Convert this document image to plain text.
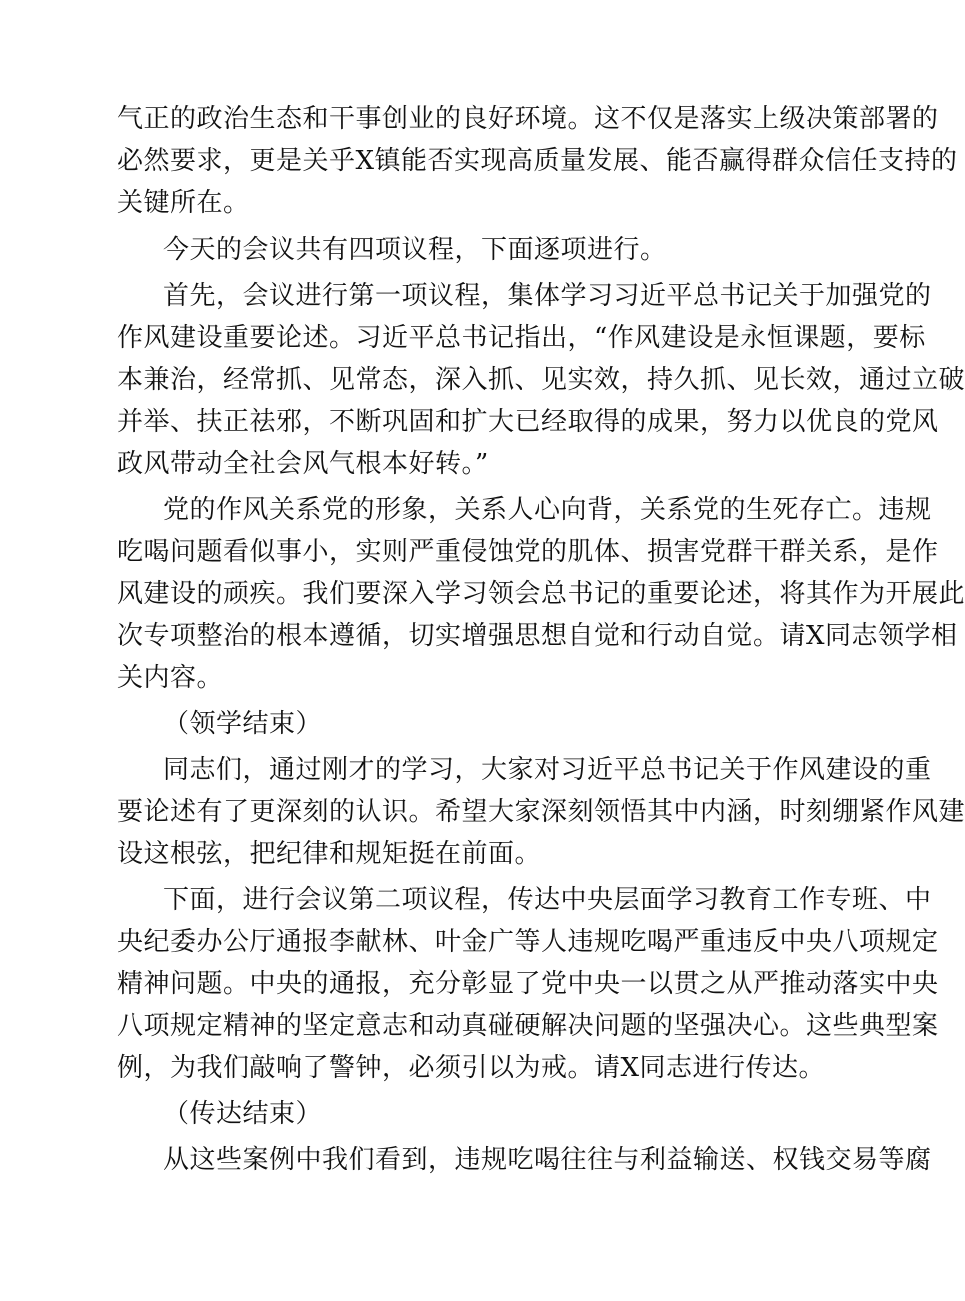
气正的政治生态和干事创业的良好环境。这不仅是落实上级决策部署的
必然要求，更是关乎X镇能否实现高质量发展、能否赢得群众信任支持的
关键所在。
今天的会议共有四项议程，下面逐项进行。
首先，会议进行第一项议程，集体学习习近平总书记关于加强党的
作风建设重要论述。习近平总书记指出，“作风建设是永恒课题，要标
本兼治，经常抓、见常态，深入抓、见实效，持久抓、见长效，通过立破
并举、扶正祛邪，不断巩固和扩大已经取得的成果，努力以优良的党风
政风带动全社会风气根本好转。”
党的作风关系党的形象，关系人心向背，关系党的生死存亡。违规
吃喝问题看似事小，实则严重侵蚀党的肌体、损害党群干群关系，是作
风建设的顽疾。我们要深入学习领会总书记的重要论述，将其作为开展此
次专项整治的根本遵循，切实增强思想自觉和行动自觉。请X同志领学相
关内容。
（领学结束）
同志们，通过刚才的学习，大家对习近平总书记关于作风建设的重
要论述有了更深刻的认识。希望大家深刻领悟其中内涵，时刻绷紧作风建
设这根弦，把纪律和规矩挺在前面。
下面，进行会议第二项议程，传达中央层面学习教育工作专班、中
央纪委办公厅通报李献林、叶金广等人违规吃喝严重违反中央八项规定
精神问题。中央的通报，充分彰显了党中央一以贯之从严推动落实中央
八项规定精神的坚定意志和动真碰硬解决问题的坚强决心。这些典型案
例，为我们敲响了警钟，必须引以为戒。请X同志进行传达。
（传达结束）
从这些案例中我们看到，违规吃喝往往与利益输送、权钱交易等腐
